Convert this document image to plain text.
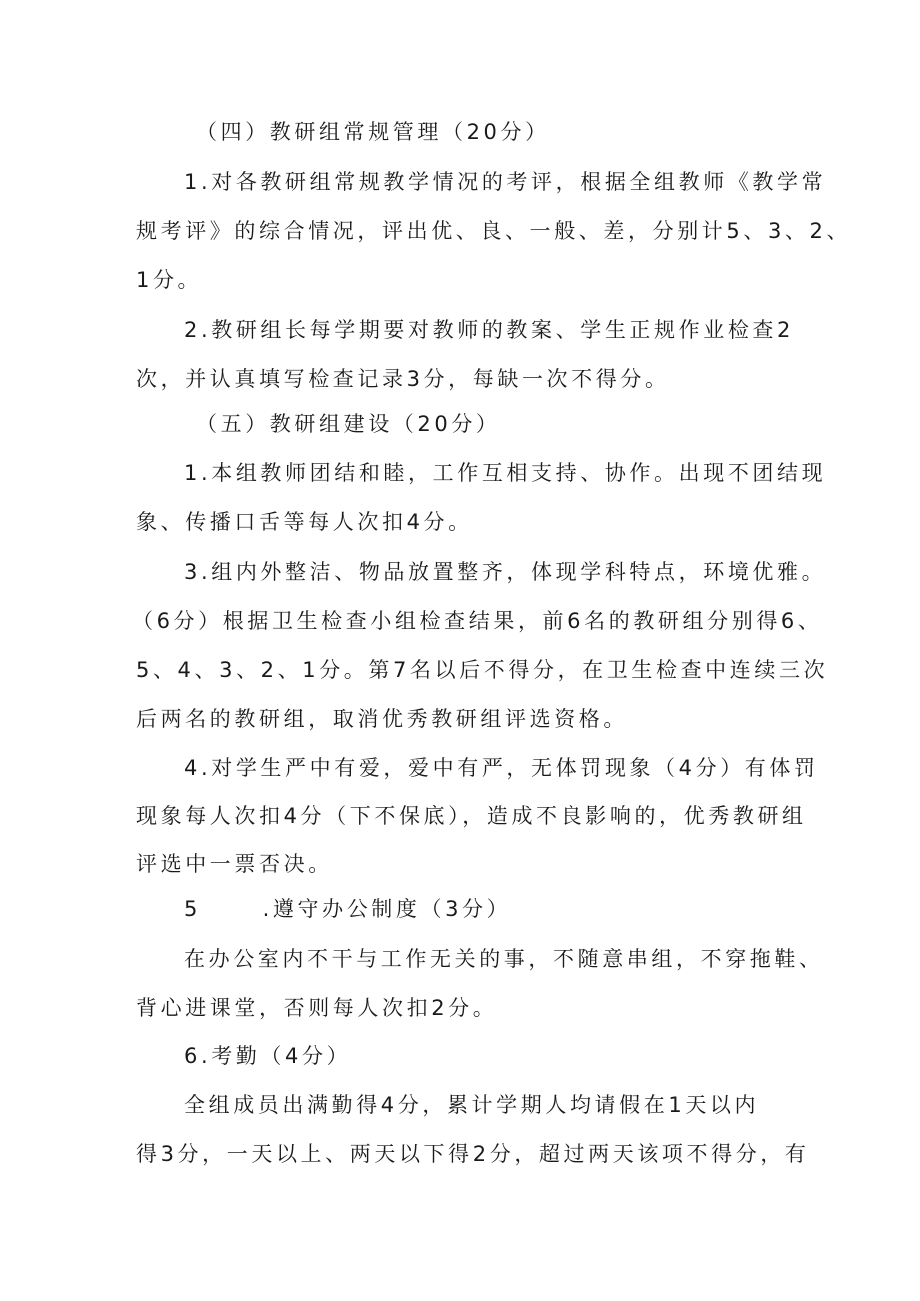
（四）教研组常规管理（20分）
1.对各教研组常规教学情况的考评，根据全组教师《教学常
规考评》的综合情况，评出优、良、一般、差，分别计5、3、2、
1分。
2.教研组长每学期要对教师的教案、学生正规作业检查2
次，并认真填写检查记录3分，每缺一次不得分。
（五）教研组建设（20分）
1.本组教师团结和睦，工作互相支持、协作。出现不团结现
象、传播口舌等每人次扣4分。
3.组内外整洁、物品放置整齐，体现学科特点，环境优雅。
（6分）根据卫生检查小组检查结果，前6名的教研组分别得6、
5、4、3、2、1分。第7名以后不得分，在卫生检查中连续三次
后两名的教研组，取消优秀教研组评选资格。
4.对学生严中有爱，爱中有严，无体罚现象（4分）有体罚
现象每人次扣4分（下不保底），造成不良影响的，优秀教研组
评选中一票否决。
5      .遵守办公制度（3分）
在办公室内不干与工作无关的事，不随意串组，不穿拖鞋、
背心进课堂，否则每人次扣2分。
6.考勤（4分）
全组成员出满勤得4分，累计学期人均请假在1天以内
得3分，一天以上、两天以下得2分，超过两天该项不得分，有
